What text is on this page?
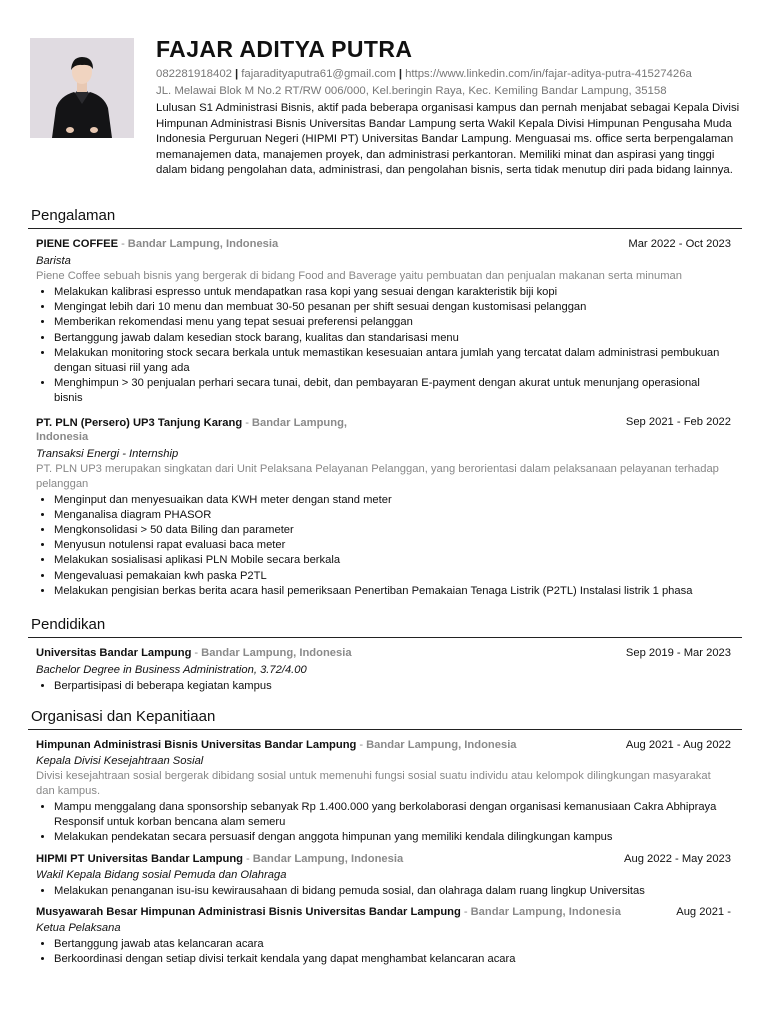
FAJAR ADITYA PUTRA
082281918402 | fajaradityaputra61@gmail.com | https://www.linkedin.com/in/fajar-aditya-putra-41527426a
JL. Melawai Blok M No.2 RT/RW 006/000, Kel.beringin Raya, Kec. Kemiling Bandar Lampung, 35158
Lulusan S1 Administrasi Bisnis, aktif pada beberapa organisasi kampus dan pernah menjabat sebagai Kepala Divisi Himpunan Administrasi Bisnis Universitas Bandar Lampung serta Wakil Kepala Divisi Himpunan Pengusaha Muda Indonesia Perguruan Negeri (HIPMI PT) Universitas Bandar Lampung. Menguasai ms. office serta berpengalaman memanajemen data, manajemen proyek, dan administrasi perkantoran. Memiliki minat dan aspirasi yang tinggi dalam bidang pengolahan data, administrasi, dan pengolahan bisnis, serta tidak menutup diri pada bidang lainnya.
Pengalaman
PIENE COFFEE - Bandar Lampung, Indonesia	Mar 2022 - Oct 2023
Barista
Piene Coffee sebuah bisnis yang bergerak di bidang Food and Baverage yaitu pembuatan dan penjualan makanan serta minuman
• Melakukan kalibrasi espresso untuk mendapatkan rasa kopi yang sesuai dengan karakteristik biji kopi
• Mengingat lebih dari 10 menu dan membuat 30-50 pesanan per shift sesuai dengan kustomisasi pelanggan
• Memberikan rekomendasi menu yang tepat sesuai preferensi pelanggan
• Bertanggung jawab dalam kesedian stock barang, kualitas dan standarisasi menu
• Melakukan monitoring stock secara berkala untuk memastikan kesesuaian antara jumlah yang tercatat dalam administrasi pembukuan dengan situasi riil yang ada
• Menghimpun > 30 penjualan perhari secara tunai, debit, dan pembayaran E-payment dengan akurat untuk menunjang operasional bisnis
PT. PLN (Persero) UP3 Tanjung Karang - Bandar Lampung, Indonesia
Sep 2021 - Feb 2022
Transaksi Energi - Internship
PT. PLN UP3 merupakan singkatan dari Unit Pelaksana Pelayanan Pelanggan, yang berorientasi dalam pelaksanaan pelayanan terhadap pelanggan
• Menginput dan menyesuaikan data KWH meter dengan stand meter
• Menganalisa diagram PHASOR
• Mengkonsolidasi > 50 data Biling dan parameter
• Menyusun notulensi rapat evaluasi baca meter
• Melakukan sosialisasi aplikasi PLN Mobile secara berkala
• Mengevaluasi pemakaian kwh paska P2TL
• Melakukan pengisian berkas berita acara hasil pemeriksaan Penertiban Pemakaian Tenaga Listrik (P2TL) Instalasi listrik 1 phasa
Pendidikan
Universitas Bandar Lampung - Bandar Lampung, Indonesia	Sep 2019 - Mar 2023
Bachelor Degree in Business Administration, 3.72/4.00
• Berpartisipasi di beberapa kegiatan kampus
Organisasi dan Kepanitiaan
Himpunan Administrasi Bisnis Universitas Bandar Lampung - Bandar Lampung, Indonesia	Aug 2021 - Aug 2022
Kepala Divisi Kesejahtraan Sosial
Divisi kesejahtraan sosial bergerak dibidang sosial untuk memenuhi fungsi sosial suatu individu atau kelompok dilingkungan masyarakat dan kampus.
• Mampu menggalang dana sponsorship sebanyak Rp 1.400.000 yang berkolaborasi dengan organisasi kemanusiaan Cakra Abhipraya Responsif untuk korban bencana alam semeru
• Melakukan pendekatan secara persuasif dengan anggota himpunan yang memiliki kendala dilingkungan kampus
HIPMI PT Universitas Bandar Lampung - Bandar Lampung, Indonesia	Aug 2022 - May 2023
Wakil Kepala Bidang sosial Pemuda dan Olahraga
• Melakukan penanganan isu-isu kewirausahaan di bidang pemuda sosial, dan olahraga dalam ruang lingkup Universitas
Musyawarah Besar Himpunan Administrasi Bisnis Universitas Bandar Lampung - Bandar Lampung, Indonesia	Aug 2021 -
Ketua Pelaksana
• Bertanggung jawab atas kelancaran acara
• Berkoordinasi dengan setiap divisi terkait kendala yang dapat menghambat kelancaran acara
